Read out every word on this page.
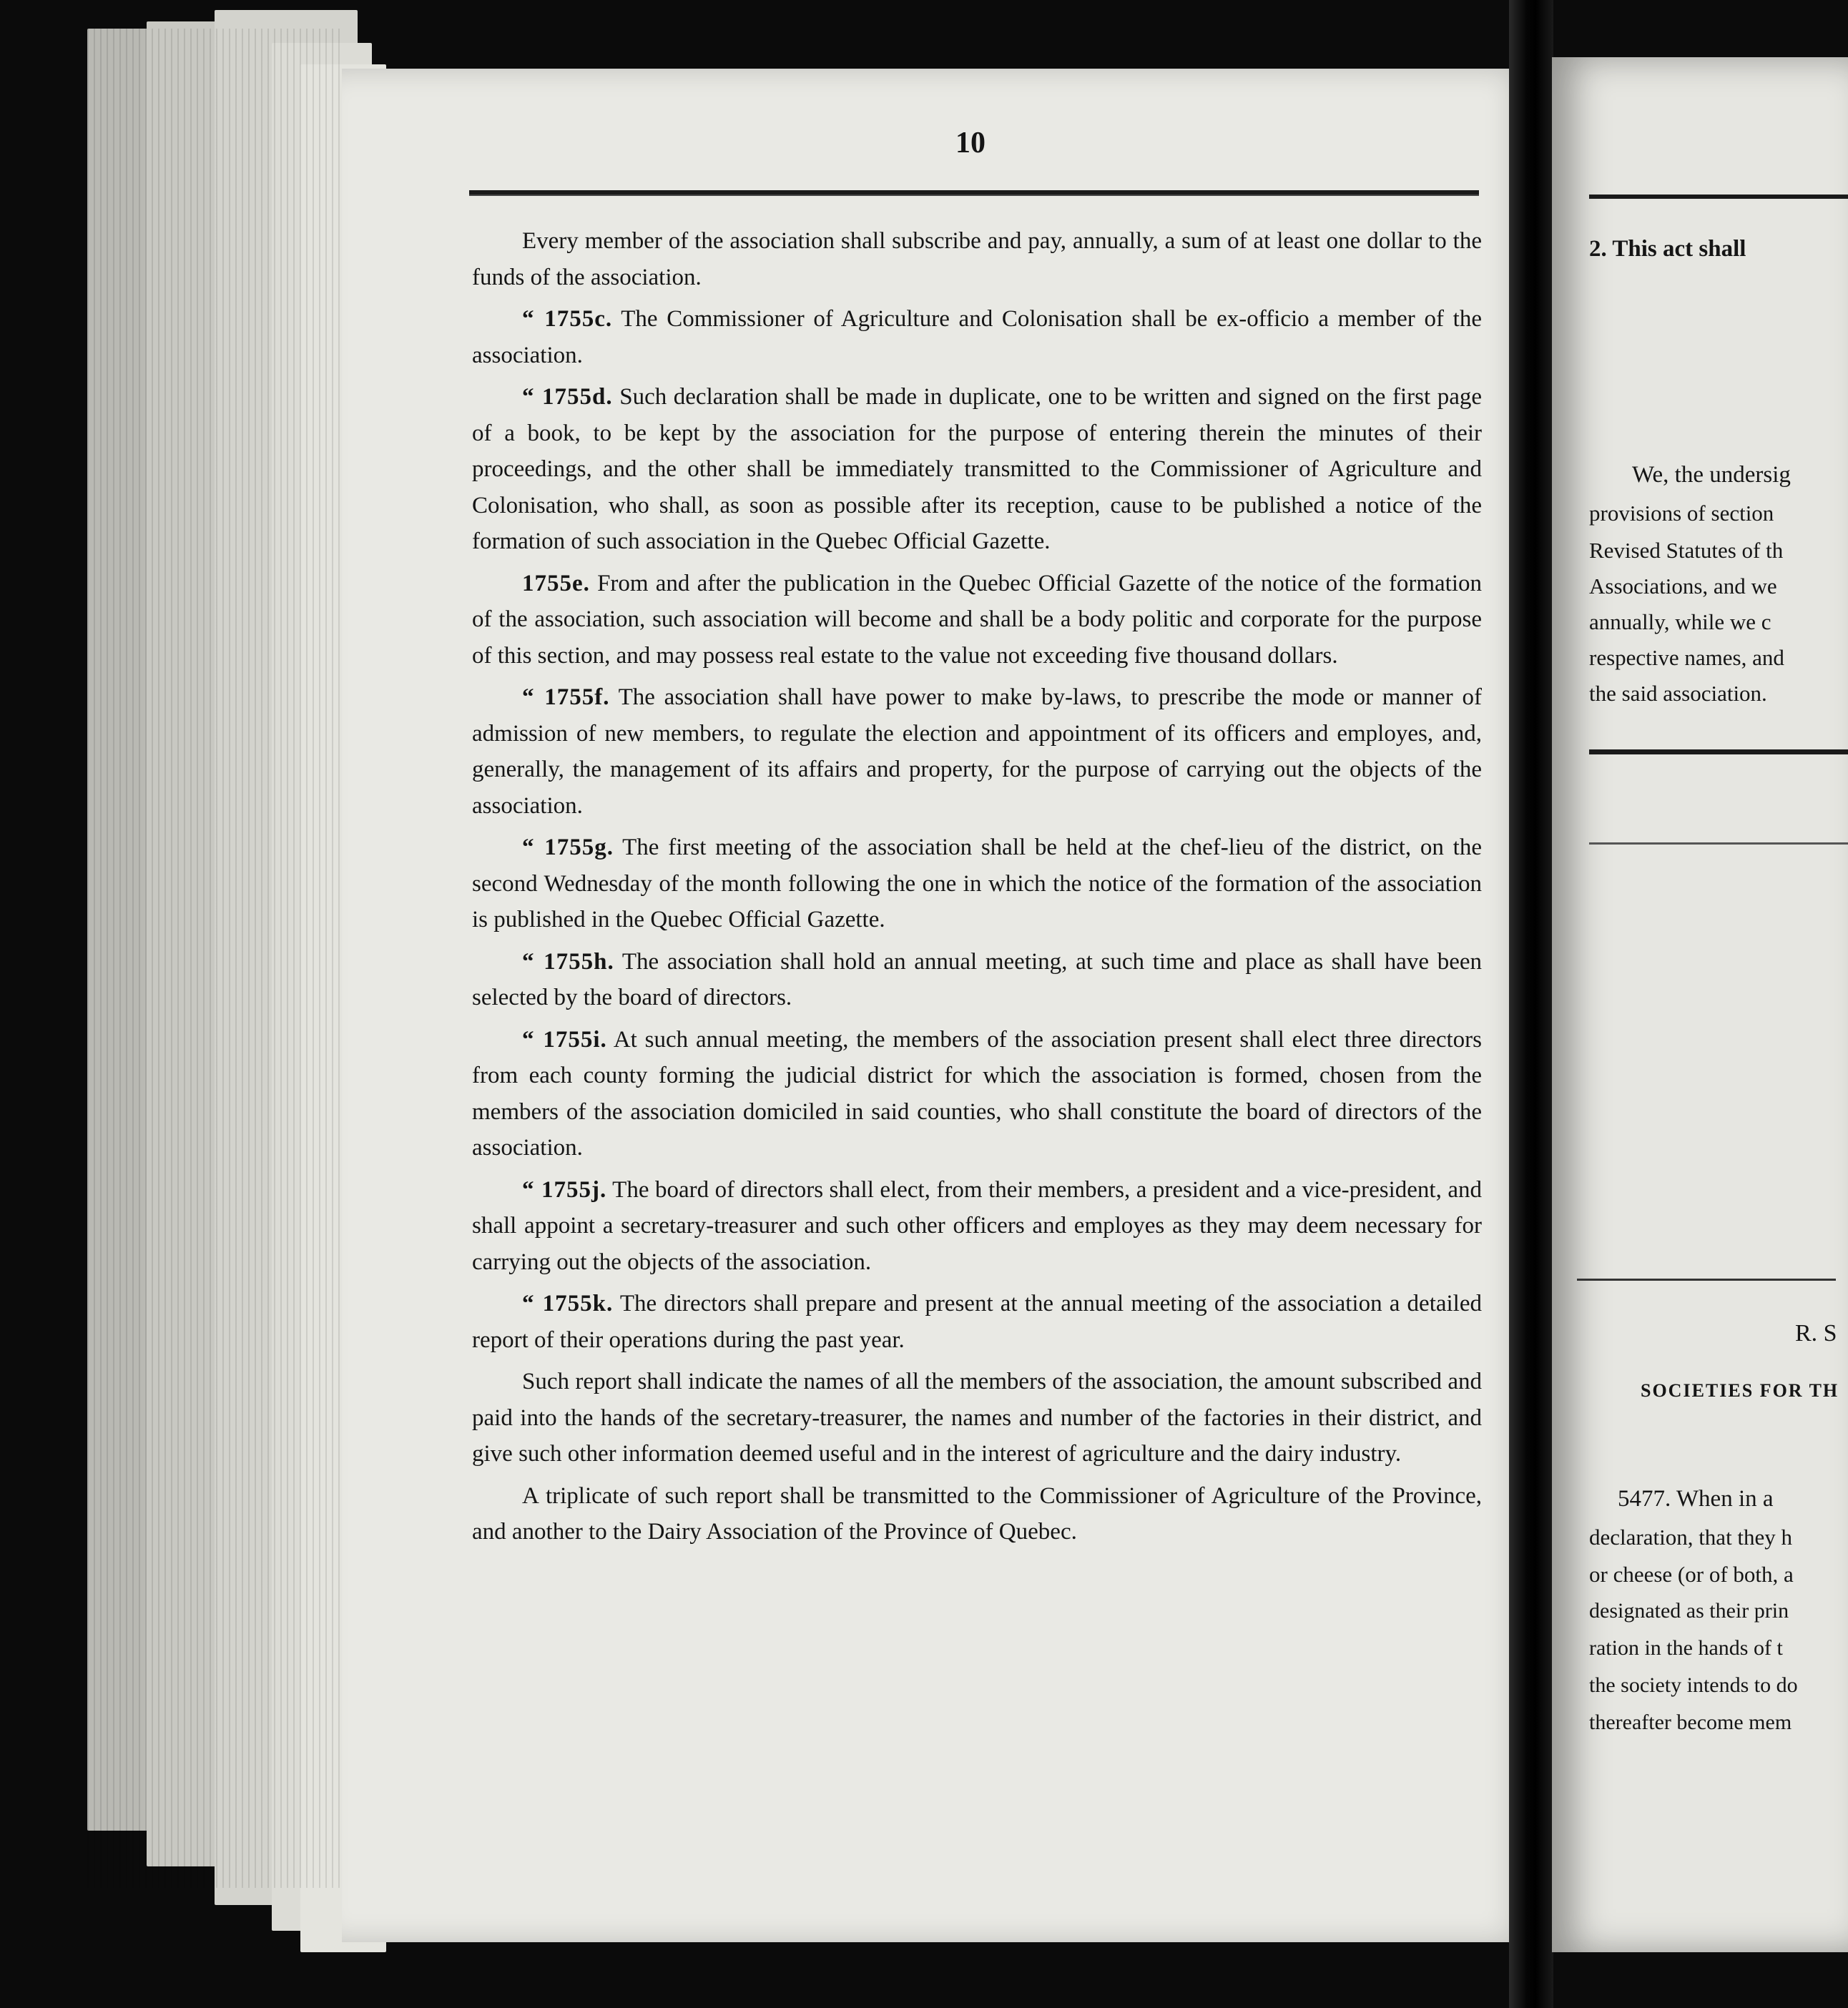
10

Every member of the association shall subscribe and pay, annually, a sum of at least one dollar to the funds of the association.

“ 1755c. The Commissioner of Agriculture and Colonisation shall be ex-officio a member of the association.

“ 1755d. Such declaration shall be made in duplicate, one to be written and signed on the first page of a book, to be kept by the association for the purpose of entering therein the minutes of their proceedings, and the other shall be immediately transmitted to the Commissioner of Agriculture and Colonisation, who shall, as soon as possible after its reception, cause to be published a notice of the formation of such association in the Quebec Official Gazette.

1755e. From and after the publication in the Quebec Official Gazette of the notice of the formation of the association, such association will become and shall be a body politic and corporate for the purpose of this section, and may possess real estate to the value not exceeding five thousand dollars.

“ 1755f. The association shall have power to make by-laws, to prescribe the mode or manner of admission of new members, to regulate the election and appointment of its officers and employes, and, generally, the management of its affairs and property, for the purpose of carrying out the objects of the association.

“ 1755g. The first meeting of the association shall be held at the chef-lieu of the district, on the second Wednesday of the month following the one in which the notice of the formation of the association is published in the Quebec Official Gazette.

“ 1755h. The association shall hold an annual meeting, at such time and place as shall have been selected by the board of directors.

“ 1755i. At such annual meeting, the members of the association present shall elect three directors from each county forming the judicial district for which the association is formed, chosen from the members of the association domiciled in said counties, who shall constitute the board of directors of the association.

“ 1755j. The board of directors shall elect, from their members, a president and a vice-president, and shall appoint a secretary-treasurer and such other officers and employes as they may deem necessary for carrying out the objects of the association.

“ 1755k. The directors shall prepare and present at the annual meeting of the association a detailed report of their operations during the past year.

Such report shall indicate the names of all the members of the association, the amount subscribed and paid into the hands of the secretary-treasurer, the names and number of the factories in their district, and give such other information deemed useful and in the interest of agriculture and the dairy industry.

A triplicate of such report shall be transmitted to the Commissioner of Agriculture of the Province, and another to the Dairy Association of the Province of Quebec.

2. This act shall
We, the undersig
provisions of section
Revised Statutes of th
Associations, and we
annually, while we c
respective names, and
the said association.
R. S
SOCIETIES FOR TH
5477. When in a
declaration, that they h
or cheese (or of both, a
designated as their prin
ration in the hands of t
the society intends to do
thereafter become mem
